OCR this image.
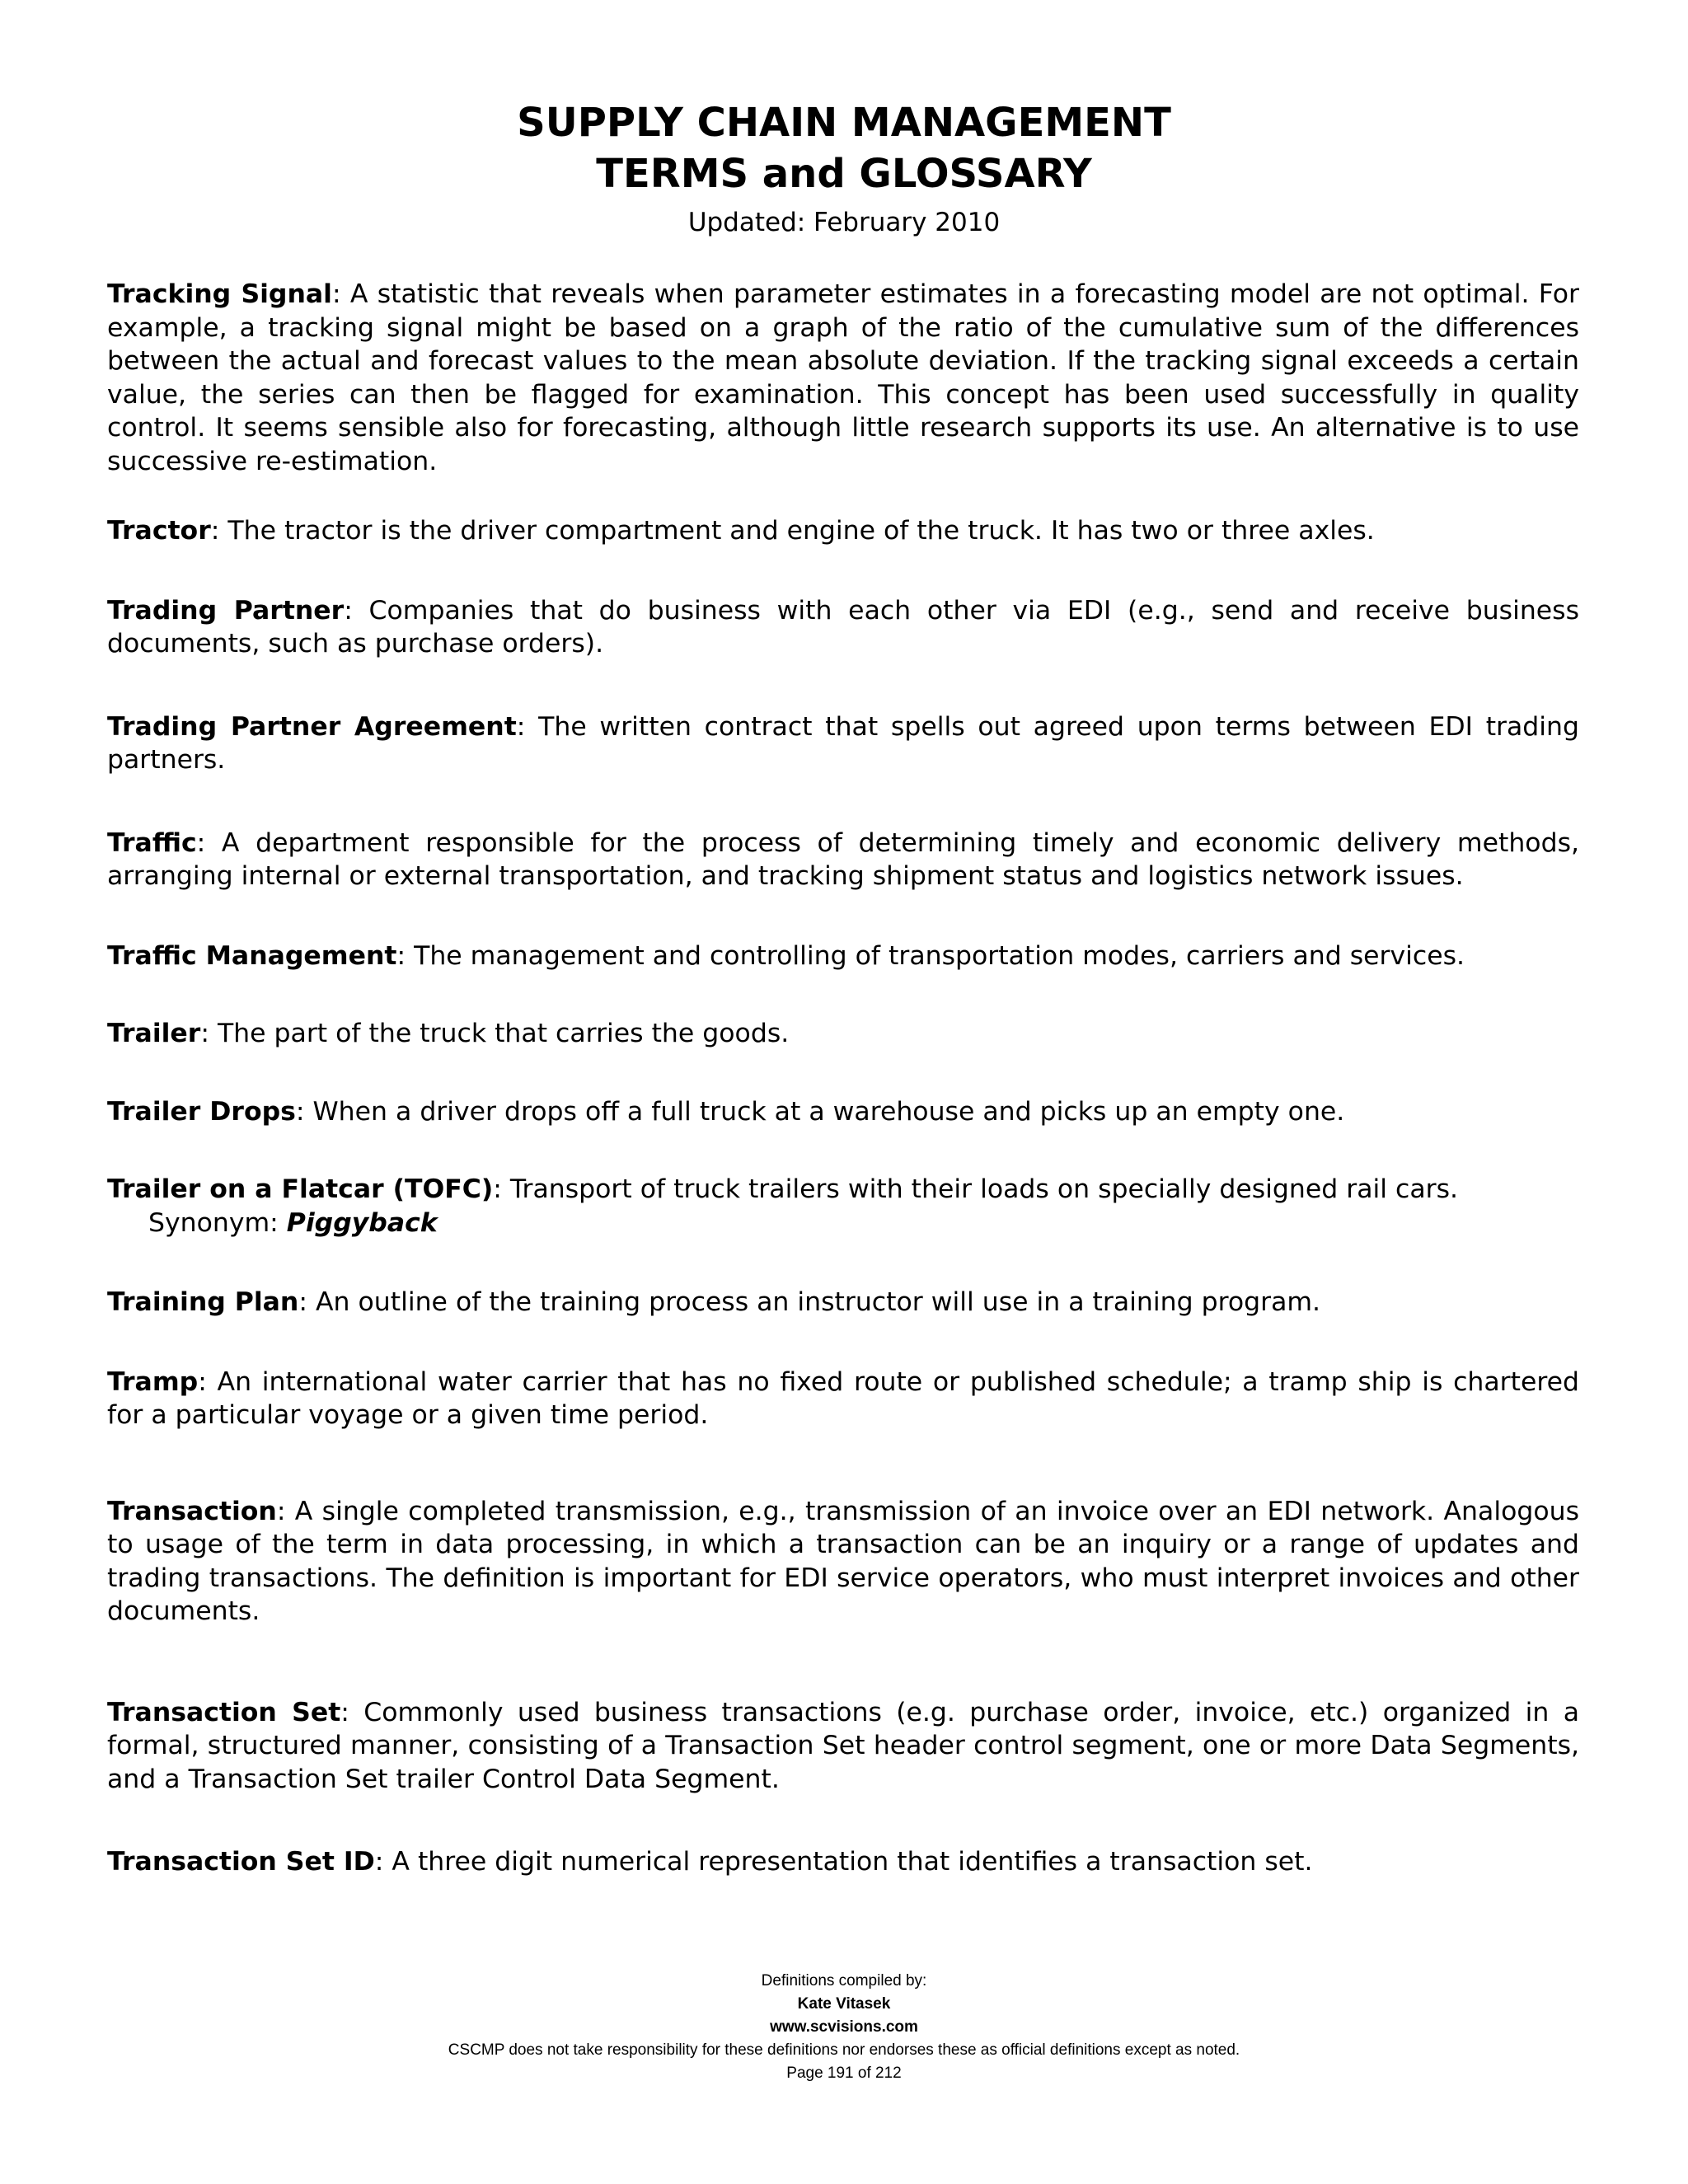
SUPPLY CHAIN MANAGEMENT
TERMS and GLOSSARY
Updated: February 2010

Tracking Signal: A statistic that reveals when parameter estimates in a forecasting model are not optimal. For example, a tracking signal might be based on a graph of the ratio of the cumulative sum of the differences between the actual and forecast values to the mean absolute deviation. If the tracking signal exceeds a certain value, the series can then be flagged for examination. This concept has been used successfully in quality control. It seems sensible also for forecasting, although little research supports its use. An alternative is to use successive re-estimation.

Tractor: The tractor is the driver compartment and engine of the truck. It has two or three axles.

Trading Partner: Companies that do business with each other via EDI (e.g., send and receive business documents, such as purchase orders).

Trading Partner Agreement: The written contract that spells out agreed upon terms between EDI trading partners.

Traffic: A department responsible for the process of determining timely and economic delivery methods, arranging internal or external transportation, and tracking shipment status and logistics network issues.

Traffic Management: The management and controlling of transportation modes, carriers and services.

Trailer: The part of the truck that carries the goods.

Trailer Drops: When a driver drops off a full truck at a warehouse and picks up an empty one.

Trailer on a Flatcar (TOFC): Transport of truck trailers with their loads on specially designed rail cars.

Synonym: Piggyback

Training Plan: An outline of the training process an instructor will use in a training program.

Tramp: An international water carrier that has no fixed route or published schedule; a tramp ship is chartered for a particular voyage or a given time period.

Transaction: A single completed transmission, e.g., transmission of an invoice over an EDI network. Analogous to usage of the term in data processing, in which a transaction can be an inquiry or a range of updates and trading transactions. The definition is important for EDI service operators, who must interpret invoices and other documents.

Transaction Set: Commonly used business transactions (e.g. purchase order, invoice, etc.) organized in a formal, structured manner, consisting of a Transaction Set header control segment, one or more Data Segments, and a Transaction Set trailer Control Data Segment.

Transaction Set ID: A three digit numerical representation that identifies a transaction set.

Definitions compiled by:
Kate Vitasek
www.scvisions.com
CSCMP does not take responsibility for these definitions nor endorses these as official definitions except as noted.
Page 191 of 212
